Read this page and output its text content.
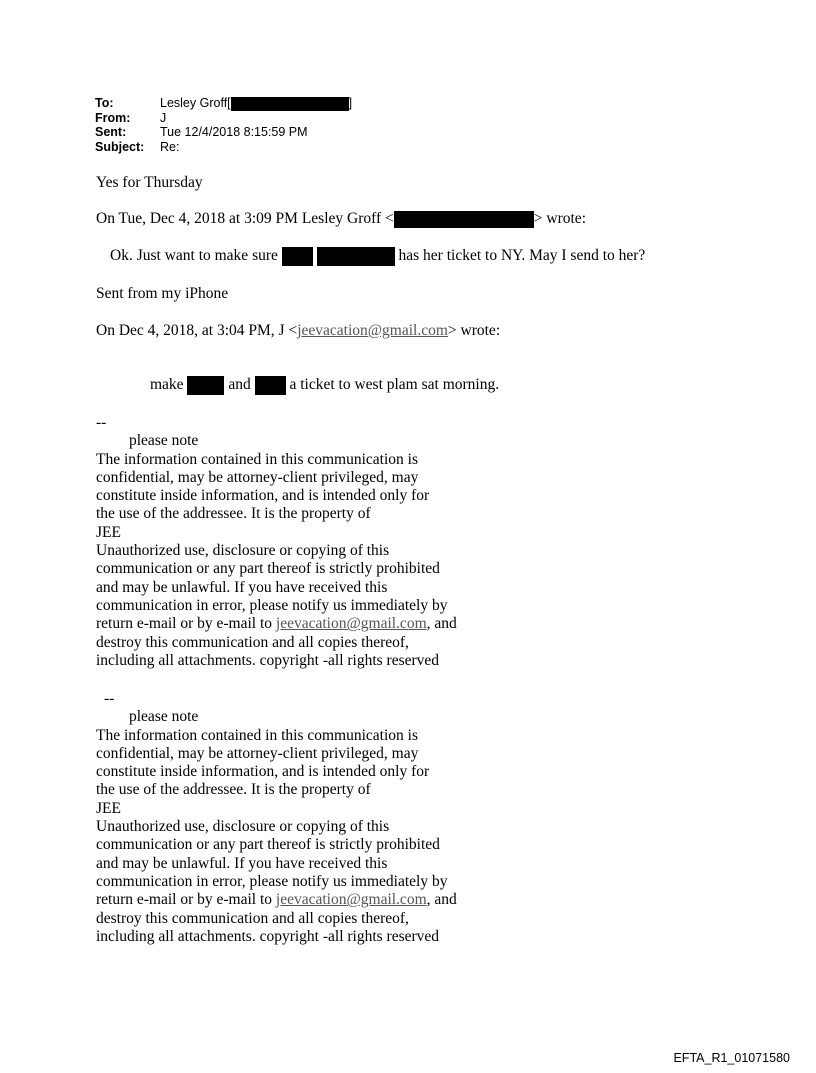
To:	Lesley Groff[	]
From:	J
Sent:	Tue 12/4/2018 8:15:59 PM
Subject:	Re:
Yes for Thursday
On Tue, Dec 4, 2018 at 3:09 PM Lesley Groff <	> wrote:
Ok. Just want to make sure	has her ticket to NY. May I send to her?
Sent from my iPhone
On Dec 4, 2018, at 3:04 PM, J <jeevacation@gmail.com> wrote:
make	and	a ticket to west plam sat morning.
--
please note
The information contained in this communication is
confidential, may be attorney-client privileged, may
constitute inside information, and is intended only for
the use of the addressee. It is the property of
JEE
Unauthorized use, disclosure or copying of this
communication or any part thereof is strictly prohibited
and may be unlawful. If you have received this
communication in error, please notify us immediately by
return e-mail or by e-mail to jeevacation@gmail.com, and
destroy this communication and all copies thereof,
including all attachments. copyright -all rights reserved
--
please note
The information contained in this communication is
confidential, may be attorney-client privileged, may
constitute inside information, and is intended only for
the use of the addressee. It is the property of
JEE
Unauthorized use, disclosure or copying of this
communication or any part thereof is strictly prohibited
and may be unlawful. If you have received this
communication in error, please notify us immediately by
return e-mail or by e-mail to jeevacation@gmail.com, and
destroy this communication and all copies thereof,
including all attachments. copyright -all rights reserved
EFTA_R1_01071580
